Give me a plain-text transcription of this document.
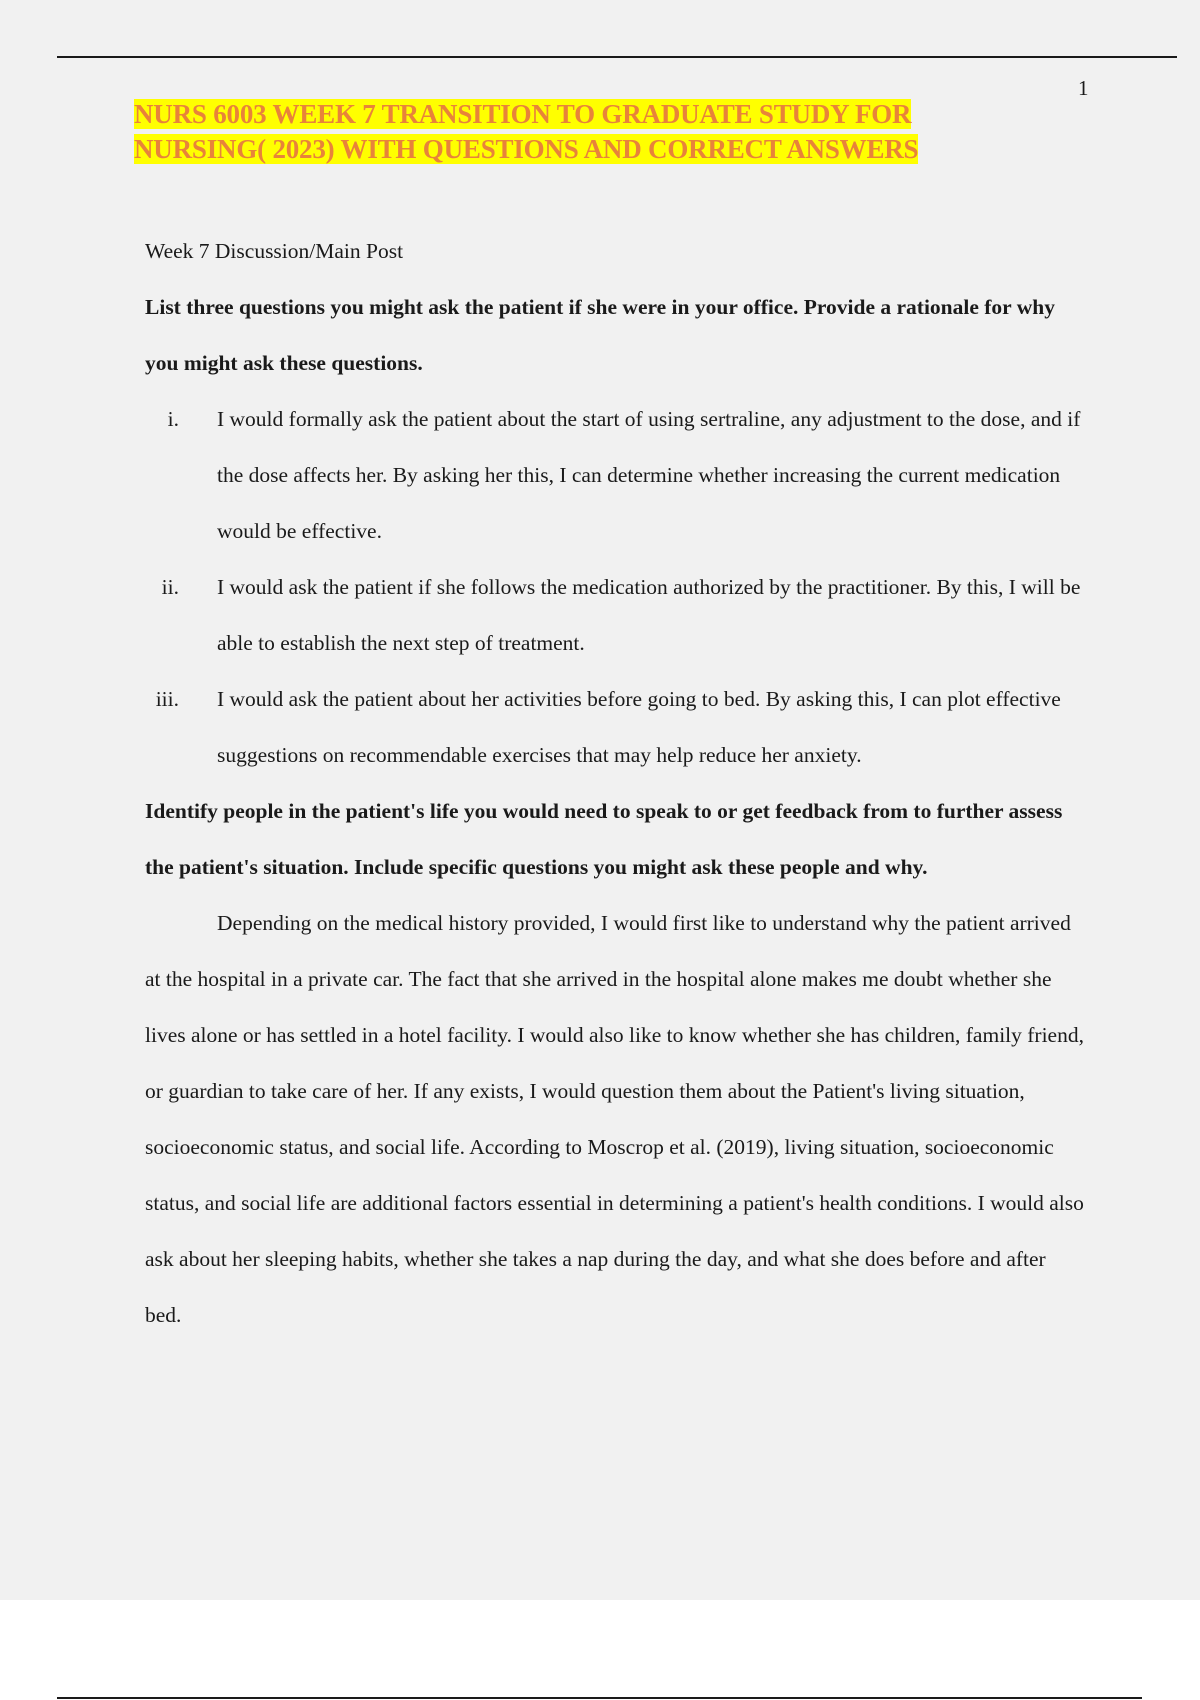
1
NURS 6003 WEEK 7 TRANSITION TO GRADUATE STUDY FOR
NURSING( 2023) WITH QUESTIONS AND CORRECT ANSWERS

Week 7 Discussion/Main Post

List three questions you might ask the patient if she were in your office. Provide a rationale for why you might ask these questions.

i. I would formally ask the patient about the start of using sertraline, any adjustment to the dose, and if the dose affects her. By asking her this, I can determine whether increasing the current medication would be effective.
ii. I would ask the patient if she follows the medication authorized by the practitioner. By this, I will be able to establish the next step of treatment.
iii. I would ask the patient about her activities before going to bed. By asking this, I can plot effective suggestions on recommendable exercises that may help reduce her anxiety.

Identify people in the patient's life you would need to speak to or get feedback from to further assess the patient's situation. Include specific questions you might ask these people and why.

Depending on the medical history provided, I would first like to understand why the patient arrived at the hospital in a private car. The fact that she arrived in the hospital alone makes me doubt whether she lives alone or has settled in a hotel facility. I would also like to know whether she has children, family friend, or guardian to take care of her. If any exists, I would question them about the Patient's living situation, socioeconomic status, and social life. According to Moscrop et al. (2019), living situation, socioeconomic status, and social life are additional factors essential in determining a patient's health conditions. I would also ask about her sleeping habits, whether she takes a nap during the day, and what she does before and after bed.
